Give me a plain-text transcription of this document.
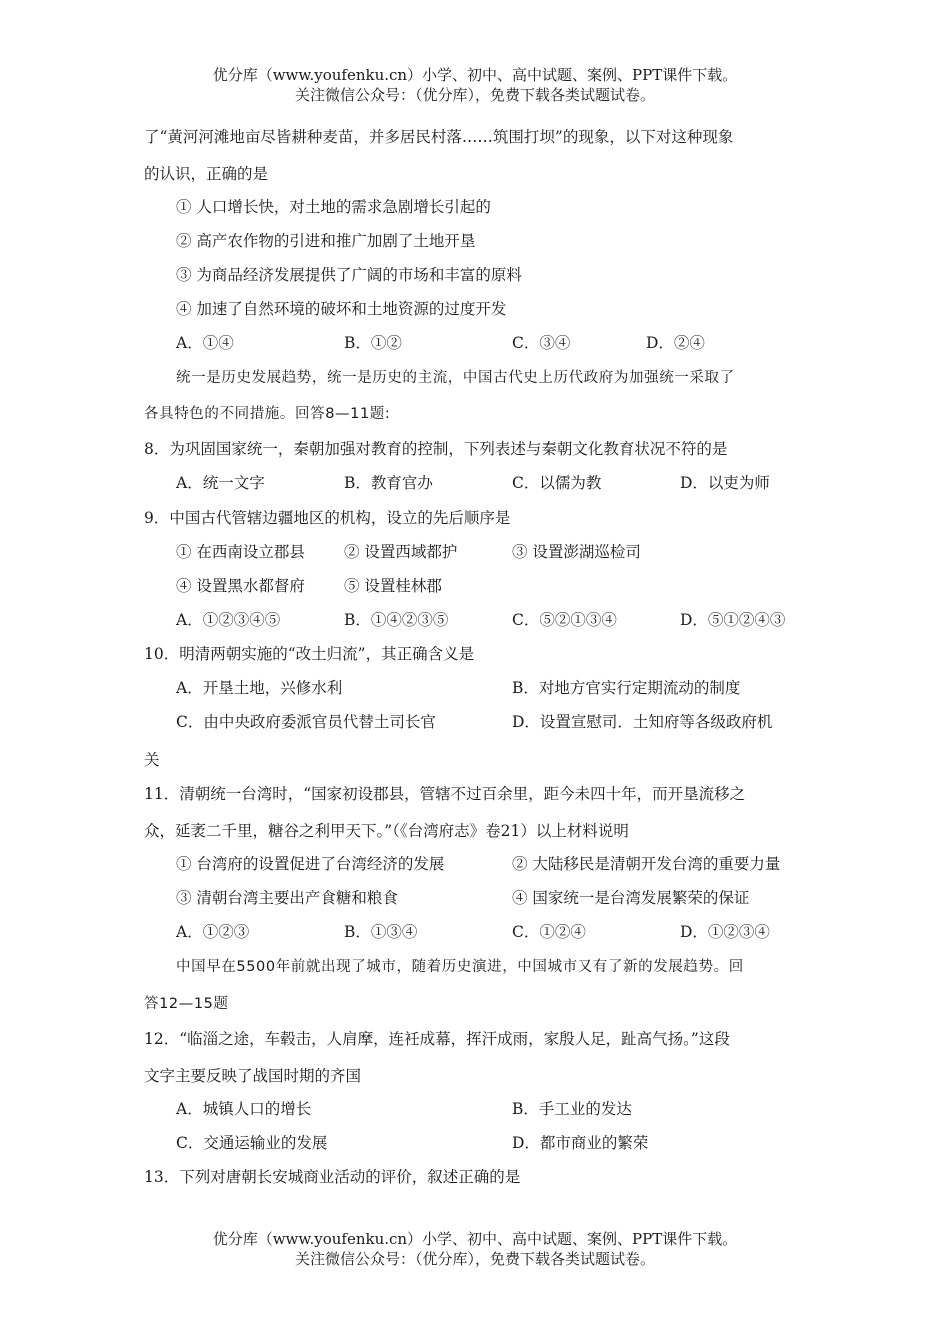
优分库（www.youfenku.cn）小学、初中、高中试题、案例、PPT课件下载。
关注微信公众号：（优分库），免费下载各类试题试卷。
了“黄河河滩地亩尽皆耕种麦苗，并多居民村落……筑围打坝”的现象，以下对这种现象
的认识，正确的是
① 人口增长快，对土地的需求急剧增长引起的
② 高产农作物的引进和推广加剧了土地开垦
③ 为商品经济发展提供了广阔的市场和丰富的原料
④ 加速了自然环境的破坏和土地资源的过度开发
A．①④	B．①②	C．③④	D．②④
统一是历史发展趋势，统一是历史的主流，中国古代史上历代政府为加强统一采取了
各具特色的不同措施。回答8—11题:
8．为巩固国家统一，秦朝加强对教育的控制，下列表述与秦朝文化教育状况不符的是
A．统一文字	B．教育官办	C．以儒为教	D．以吏为师
9．中国古代管辖边疆地区的机构，设立的先后顺序是
① 在西南设立郡县	② 设置西域都护	③ 设置澎湖巡检司
④ 设置黑水都督府	⑤ 设置桂林郡
A．①②③④⑤	B．①④②③⑤	C．⑤②①③④	D．⑤①②④③
10．明清两朝实施的“改土归流”，其正确含义是
A．开垦土地，兴修水利	B．对地方官实行定期流动的制度
C．由中央政府委派官员代替土司长官	D．设置宣慰司．土知府等各级政府机
关
11．清朝统一台湾时，“国家初设郡县，管辖不过百余里，距今未四十年，而开垦流移之
众，延袤二千里，糖谷之利甲天下。”（《台湾府志》卷21）以上材料说明
① 台湾府的设置促进了台湾经济的发展	② 大陆移民是清朝开发台湾的重要力量
③ 清朝台湾主要出产食糖和粮食	④ 国家统一是台湾发展繁荣的保证
A．①②③	B．①③④	C．①②④	D．①②③④
中国早在5500年前就出现了城市，随着历史演进，中国城市又有了新的发展趋势。回
答12—15题
12．“临淄之途，车毂击，人肩摩，连衽成幕，挥汗成雨，家殷人足，趾高气扬。”这段
文字主要反映了战国时期的齐国
A．城镇人口的增长	B．手工业的发达
C．交通运输业的发展	D．都市商业的繁荣
13．下列对唐朝长安城商业活动的评价，叙述正确的是
优分库（www.youfenku.cn）小学、初中、高中试题、案例、PPT课件下载。
关注微信公众号：（优分库），免费下载各类试题试卷。
